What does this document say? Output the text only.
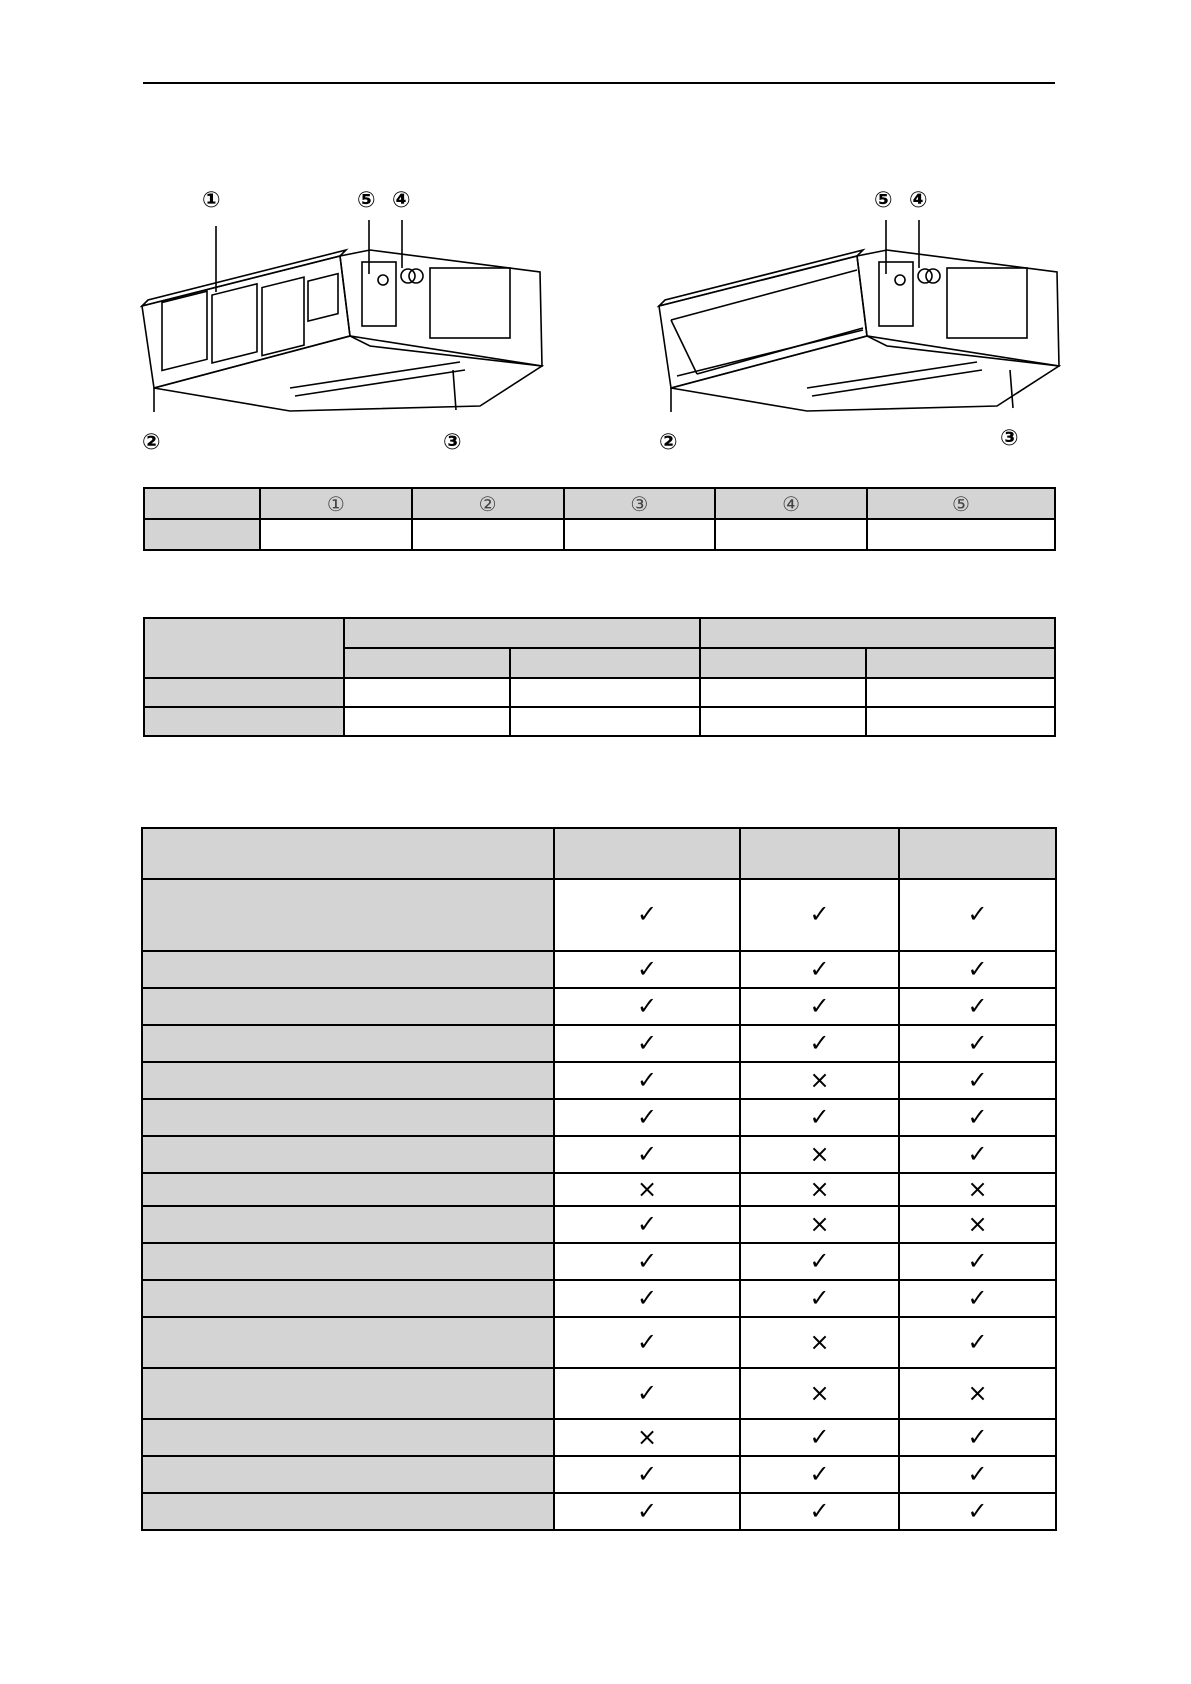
①	⑤ ④
②	③
⑤ ④
②	③
	①	②	③	④	⑤

	✓	✓	✓
	✓	✓	✓
	✓	✓	✓
	✓	✓	✓
	✓	×	✓
	✓	✓	✓
	✓	×	✓
	×	×	×
	✓	×	×
	✓	✓	✓
	✓	✓	✓
	✓	×	✓
	✓	×	×
	×	✓	✓
	✓	✓	✓
	✓	✓	✓
